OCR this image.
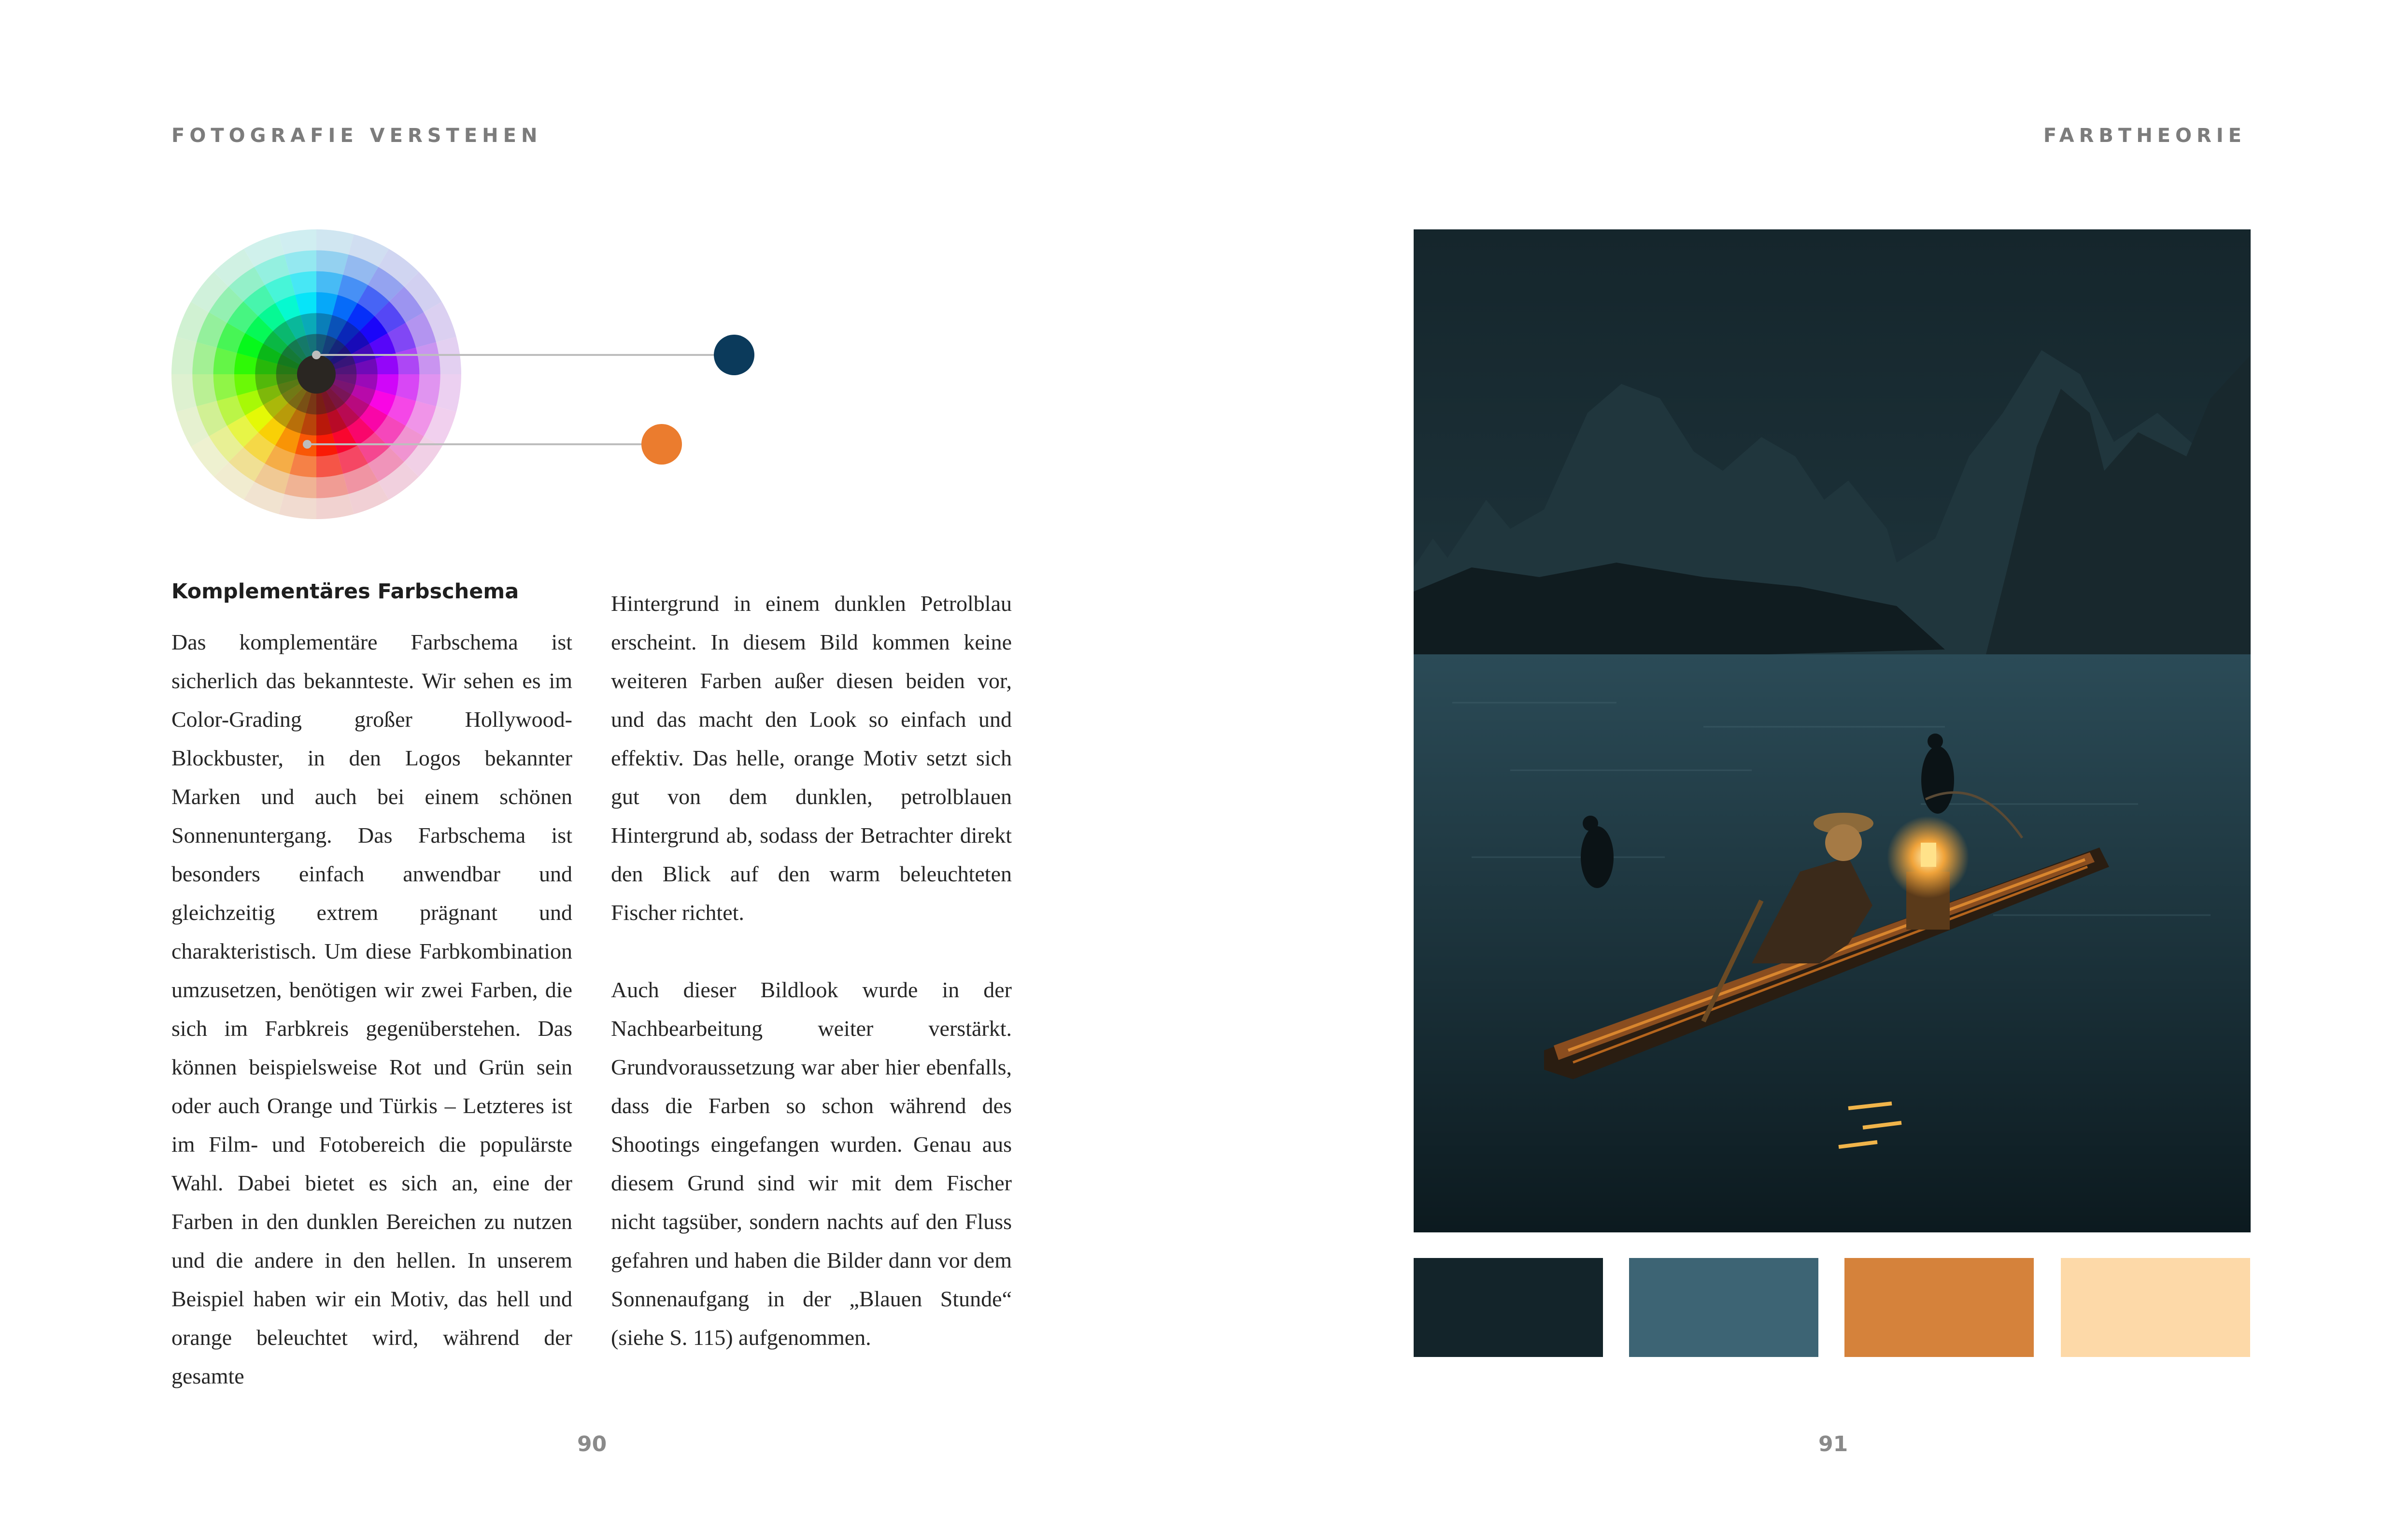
FOTOGRAFIE VERSTEHEN	FARBTHEORIE
Komplementäres Farbschema

Das komplementäre Farbschema ist sicherlich das bekannteste. Wir sehen es im Color-Grading großer Hollywood-Blockbuster, in den Logos bekannter Marken und auch bei einem schönen Sonnenuntergang. Das Farbschema ist besonders einfach anwendbar und gleichzeitig extrem prägnant und charakteristisch. Um diese Farbkombination umzusetzen, benötigen wir zwei Farben, die sich im Farbkreis gegenüberstehen. Das können beispielsweise Rot und Grün sein oder auch Orange und Türkis – Letzteres ist im Film- und Fotobereich die populärste Wahl. Dabei bietet es sich an, eine der Farben in den dunklen Bereichen zu nutzen und die andere in den hellen. In unserem Beispiel haben wir ein Motiv, das hell und orange beleuchtet wird, während der gesamte

Hintergrund in einem dunklen Petrolblau erscheint. In diesem Bild kommen keine weiteren Farben außer diesen beiden vor, und das macht den Look so einfach und effektiv. Das helle, orange Motiv setzt sich gut von dem dunklen, petrolblauen Hintergrund ab, sodass der Betrachter direkt den Blick auf den warm beleuchteten Fischer richtet.

Auch dieser Bildlook wurde in der Nachbearbeitung weiter verstärkt. Grundvoraussetzung war aber hier ebenfalls, dass die Farben so schon während des Shootings eingefangen wurden. Genau aus diesem Grund sind wir mit dem Fischer nicht tagsüber, sondern nachts auf den Fluss gefahren und haben die Bilder dann vor dem Sonnenaufgang in der „Blauen Stunde“ (siehe S. 115) aufgenommen.

90	91
